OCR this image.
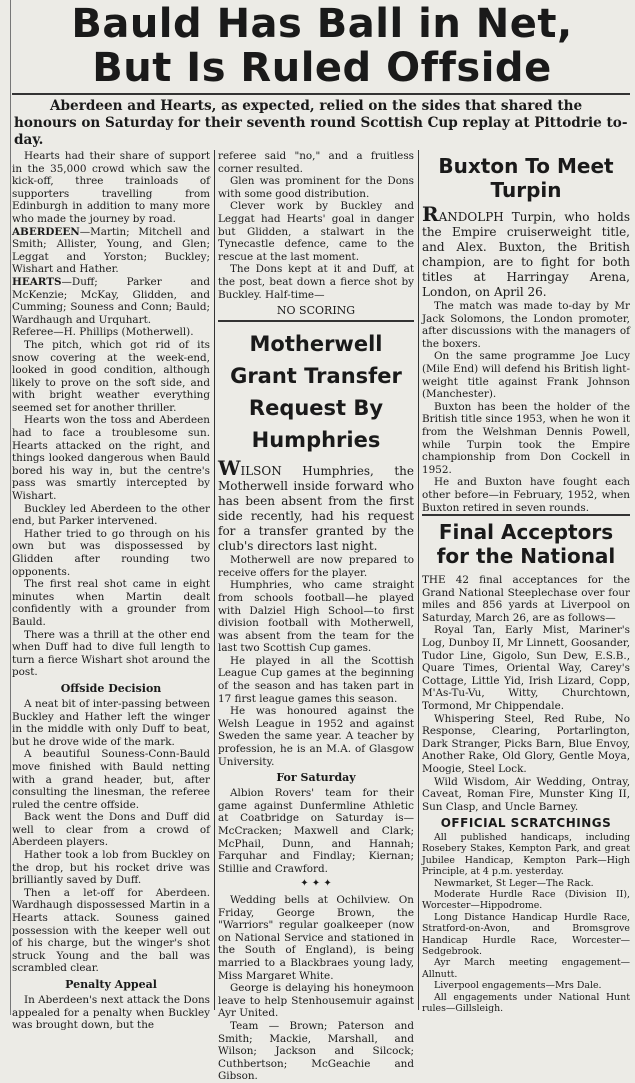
Bauld Has Ball in Net,
But Is Ruled Offside
Aberdeen and Hearts, as expected, relied on the sides that shared the honours on Saturday for their seventh round Scottish Cup replay at Pittodrie to-day.

Hearts had their share of support in the 35,000 crowd which saw the kick-off, three trainloads of supporters travelling from Edinburgh in addition to many more who made the journey by road.

ABERDEEN—Martin; Mitchell and Smith; Allister, Young, and Glen; Leggat and Yorston; Buckley; Wishart and Hather.

HEARTS—Duff; Parker and McKenzie; McKay, Glidden, and Cumming; Souness and Conn; Bauld; Wardhaugh and Urquhart.

Referee—H. Phillips (Motherwell).

The pitch, which got rid of its snow covering at the week-end, looked in good condition, although likely to prove on the soft side, and with bright weather everything seemed set for another thriller.

Hearts won the toss and Aberdeen had to face a troublesome sun. Hearts attacked on the right, and things looked dangerous when Bauld bored his way in, but the centre's pass was smartly intercepted by Wishart.

Buckley led Aberdeen to the other end, but Parker intervened.

Hather tried to go through on his own but was dispossessed by Glidden after rounding two opponents.

The first real shot came in eight minutes when Martin dealt confidently with a grounder from Bauld.

There was a thrill at the other end when Duff had to dive full length to turn a fierce Wishart shot around the post.

Offside Decision

A neat bit of inter-passing between Buckley and Hather left the winger in the middle with only Duff to beat, but he drove wide of the mark.

A beautiful Souness-Conn-Bauld move finished with Bauld netting with a grand header, but, after consulting the linesman, the referee ruled the centre offside.

Back went the Dons and Duff did well to clear from a crowd of Aberdeen players.

Hather took a lob from Buckley on the drop, but his rocket drive was brilliantly saved by Duff.

Then a let-off for Aberdeen. Wardhaugh dispossessed Martin in a Hearts attack. Souness gained possession with the keeper well out of his charge, but the winger's shot struck Young and the ball was scrambled clear.

Penalty Appeal

In Aberdeen's next attack the Dons appealed for a penalty when Buckley was brought down, but the

referee said "no," and a fruitless corner resulted.

Glen was prominent for the Dons with some good distribution.

Clever work by Buckley and Leggat had Hearts' goal in danger but Glidden, a stalwart in the Tynecastle defence, came to the rescue at the last moment.

The Dons kept at it and Duff, at the post, beat down a fierce shot by Buckley. Half-time—

NO SCORING

Motherwell Grant Transfer Request By Humphries

WILSON Humphries, the Motherwell inside forward who has been absent from the first side recently, had his request for a transfer granted by the club's directors last night.

Motherwell are now prepared to receive offers for the player.

Humphries, who came straight from schools football—he played with Dalziel High School—to first division football with Motherwell, was absent from the team for the last two Scottish Cup games.

He played in all the Scottish League Cup games at the beginning of the season and has taken part in 17 first league games this season.

He was honoured against the Welsh League in 1952 and against Sweden the same year. A teacher by profession, he is an M.A. of Glasgow University.

For Saturday

Albion Rovers' team for their game against Dunfermline Athletic at Coatbridge on Saturday is—McCracken; Maxwell and Clark; McPhail, Dunn, and Hannah; Farquhar and Findlay; Kiernan; Stillie and Crawford.

✦ ✦ ✦

Wedding bells at Ochilview. On Friday, George Brown, the "Warriors" regular goalkeeper (now on National Service and stationed in the South of England), is being married to a Blackbraes young lady, Miss Margaret White.

George is delaying his honeymoon leave to help Stenhousemuir against Ayr United.

Team — Brown; Paterson and Smith; Mackie, Marshall, and Wilson; Jackson and Silcock; Cuthbertson; McGeachie and Gibson.

Buxton To Meet Turpin

RANDOLPH Turpin, who holds the Empire cruiserweight title, and Alex. Buxton, the British champion, are to fight for both titles at Harringay Arena, London, on April 26.

The match was made to-day by Mr Jack Solomons, the London promoter, after discussions with the managers of the boxers.

On the same programme Joe Lucy (Mile End) will defend his British light-weight title against Frank Johnson (Manchester).

Buxton has been the holder of the British title since 1953, when he won it from the Welshman Dennis Powell, while Turpin took the Empire championship from Don Cockell in 1952.

He and Buxton have fought each other before—in February, 1952, when Buxton retired in seven rounds.

Final Acceptors for the National

THE 42 final acceptances for the Grand National Steeplechase over four miles and 856 yards at Liverpool on Saturday, March 26, are as follows—

Royal Tan, Early Mist, Mariner's Log, Dunboy II, Mr Linnett, Goosander, Tudor Line, Gigolo, Sun Dew, E.S.B., Quare Times, Oriental Way, Carey's Cottage, Little Yid, Irish Lizard, Copp, M'As-Tu-Vu, Witty, Churchtown, Tormond, Mr Chippendale.

Whispering Steel, Red Rube, No Response, Clearing, Portarlington, Dark Stranger, Picks Barn, Blue Envoy, Another Rake, Old Glory, Gentle Moya, Moogie, Steel Lock.

Wild Wisdom, Air Wedding, Ontray, Caveat, Roman Fire, Munster King II, Sun Clasp, and Uncle Barney.

OFFICIAL SCRATCHINGS

All published handicaps, including Rosebery Stakes, Kempton Park, and great Jubilee Handicap, Kempton Park—High Principle, at 4 p.m. yesterday.

Newmarket, St Leger—The Rack.

Moderate Hurdle Race (Division II), Worcester—Hippodrome.

Long Distance Handicap Hurdle Race, Stratford-on-Avon, and Bromsgrove Handicap Hurdle Race, Worcester—Sedgebrook.

Ayr March meeting engagement—Allnutt.

Liverpool engagements—Mrs Dale.

All engagements under National Hunt rules—Gillsleigh.
